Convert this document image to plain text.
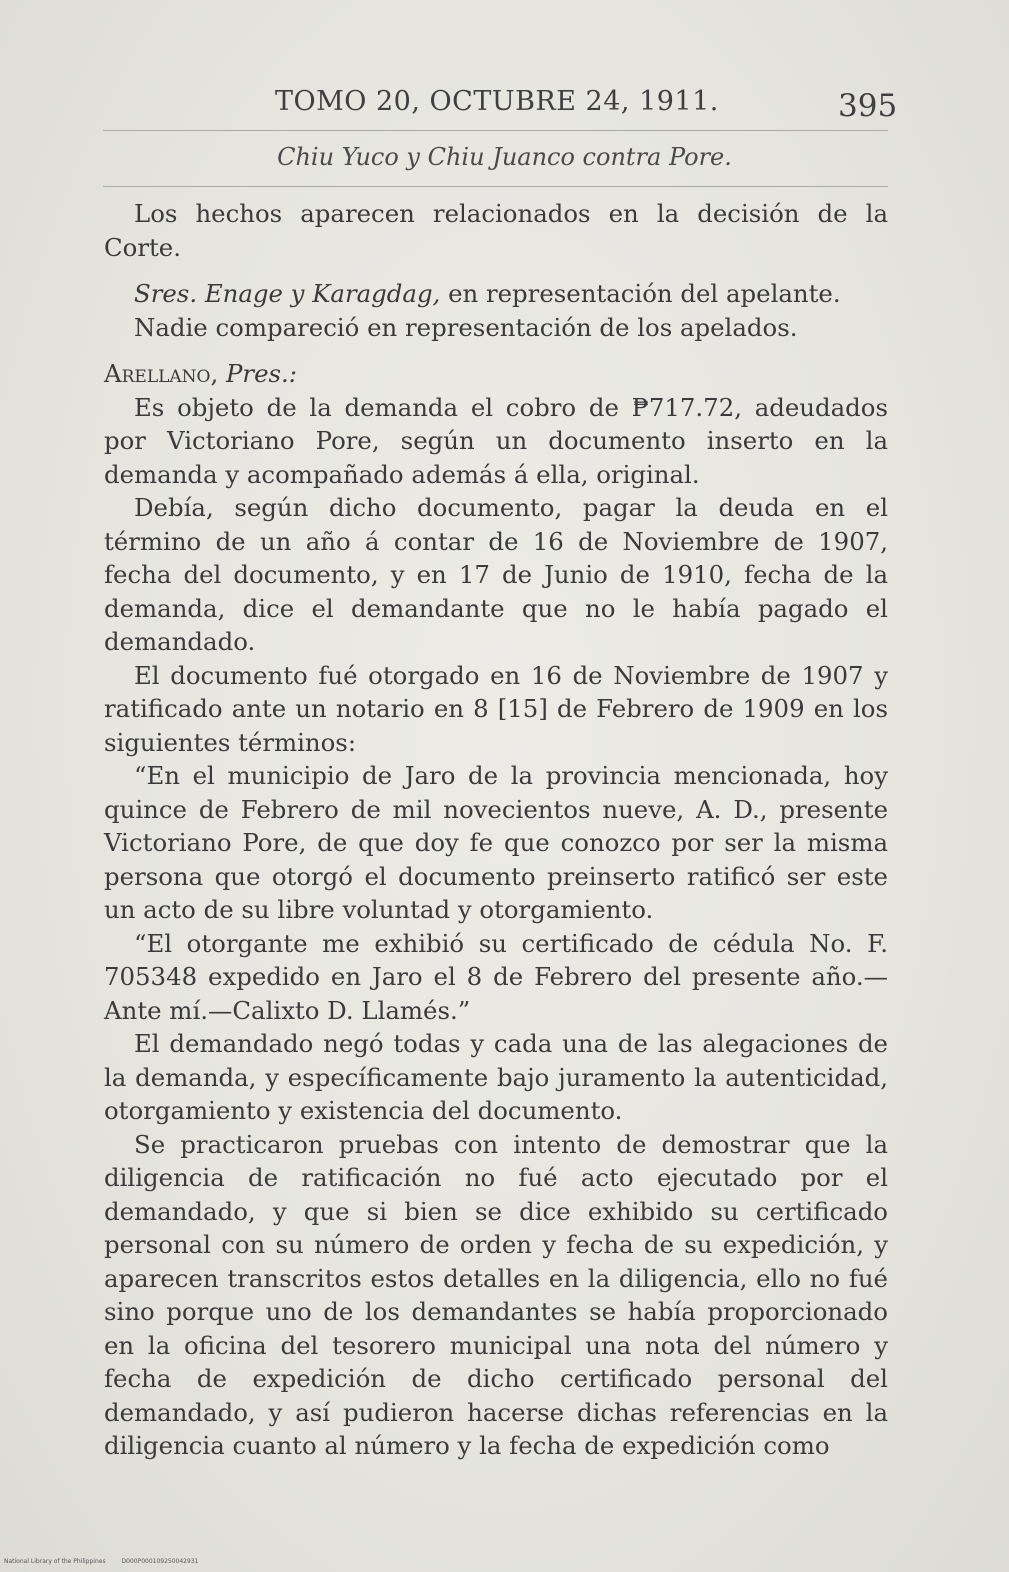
TOMO 20, OCTUBRE 24, 1911.	395
Chiu Yuco y Chiu Juanco contra Pore.

Los hechos aparecen relacionados en la decisión de la Corte.

Sres. Enage y Karagdag, en representación del apelante.

Nadie compareció en representación de los apelados.

Arellano, Pres.:

Es objeto de la demanda el cobro de ₱717.72, adeudados por Victoriano Pore, según un documento inserto en la demanda y acompañado además á ella, original.

Debía, según dicho documento, pagar la deuda en el término de un año á contar de 16 de Noviembre de 1907, fecha del documento, y en 17 de Junio de 1910, fecha de la demanda, dice el demandante que no le había pagado el demandado.

El documento fué otorgado en 16 de Noviembre de 1907 y ratificado ante un notario en 8 [15] de Febrero de 1909 en los siguientes términos:

“En el municipio de Jaro de la provincia mencionada, hoy quince de Febrero de mil novecientos nueve, A. D., presente Victoriano Pore, de que doy fe que conozco por ser la misma persona que otorgó el documento preinserto ratificó ser este un acto de su libre voluntad y otorgamiento.

“El otorgante me exhibió su certificado de cédula No. F. 705348 expedido en Jaro el 8 de Febrero del presente año.—Ante mí.—Calixto D. Llamés.”

El demandado negó todas y cada una de las alegaciones de la demanda, y específicamente bajo juramento la autenticidad, otorgamiento y existencia del documento.

Se practicaron pruebas con intento de demostrar que la diligencia de ratificación no fué acto ejecutado por el demandado, y que si bien se dice exhibido su certificado personal con su número de orden y fecha de su expedición, y aparecen transcritos estos detalles en la diligencia, ello no fué sino porque uno de los demandantes se había proporcionado en la oficina del tesorero municipal una nota del número y fecha de expedición de dicho certificado personal del demandado, y así pudieron hacerse dichas referencias en la diligencia cuanto al número y la fecha de expedición como

National Library of the Philippines	D000P000109250042931
